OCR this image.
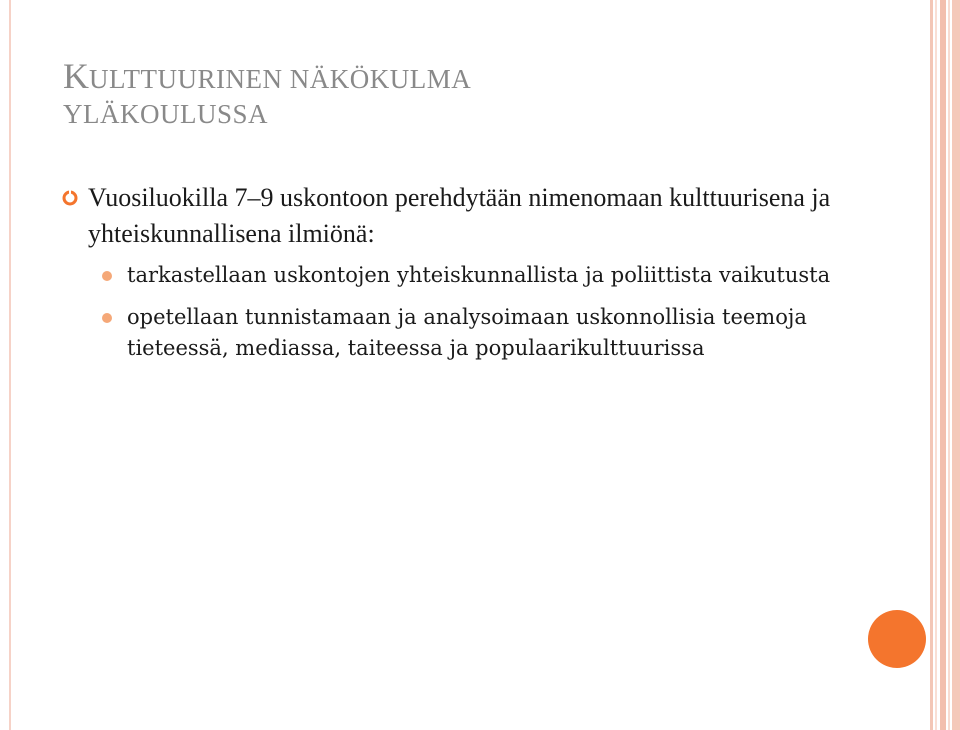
KULTTUURINEN NÄKÖKULMA
YLÄKOULUSSA
Vuosiluokilla 7–9 uskontoon perehdytään nimenomaan kulttuurisena ja yhteiskunnallisena ilmiönä:
tarkastellaan uskontojen yhteiskunnallista ja poliittista vaikutusta
opetellaan tunnistamaan ja analysoimaan uskonnollisia teemoja tieteessä, mediassa, taiteessa ja populaarikulttuurissa
